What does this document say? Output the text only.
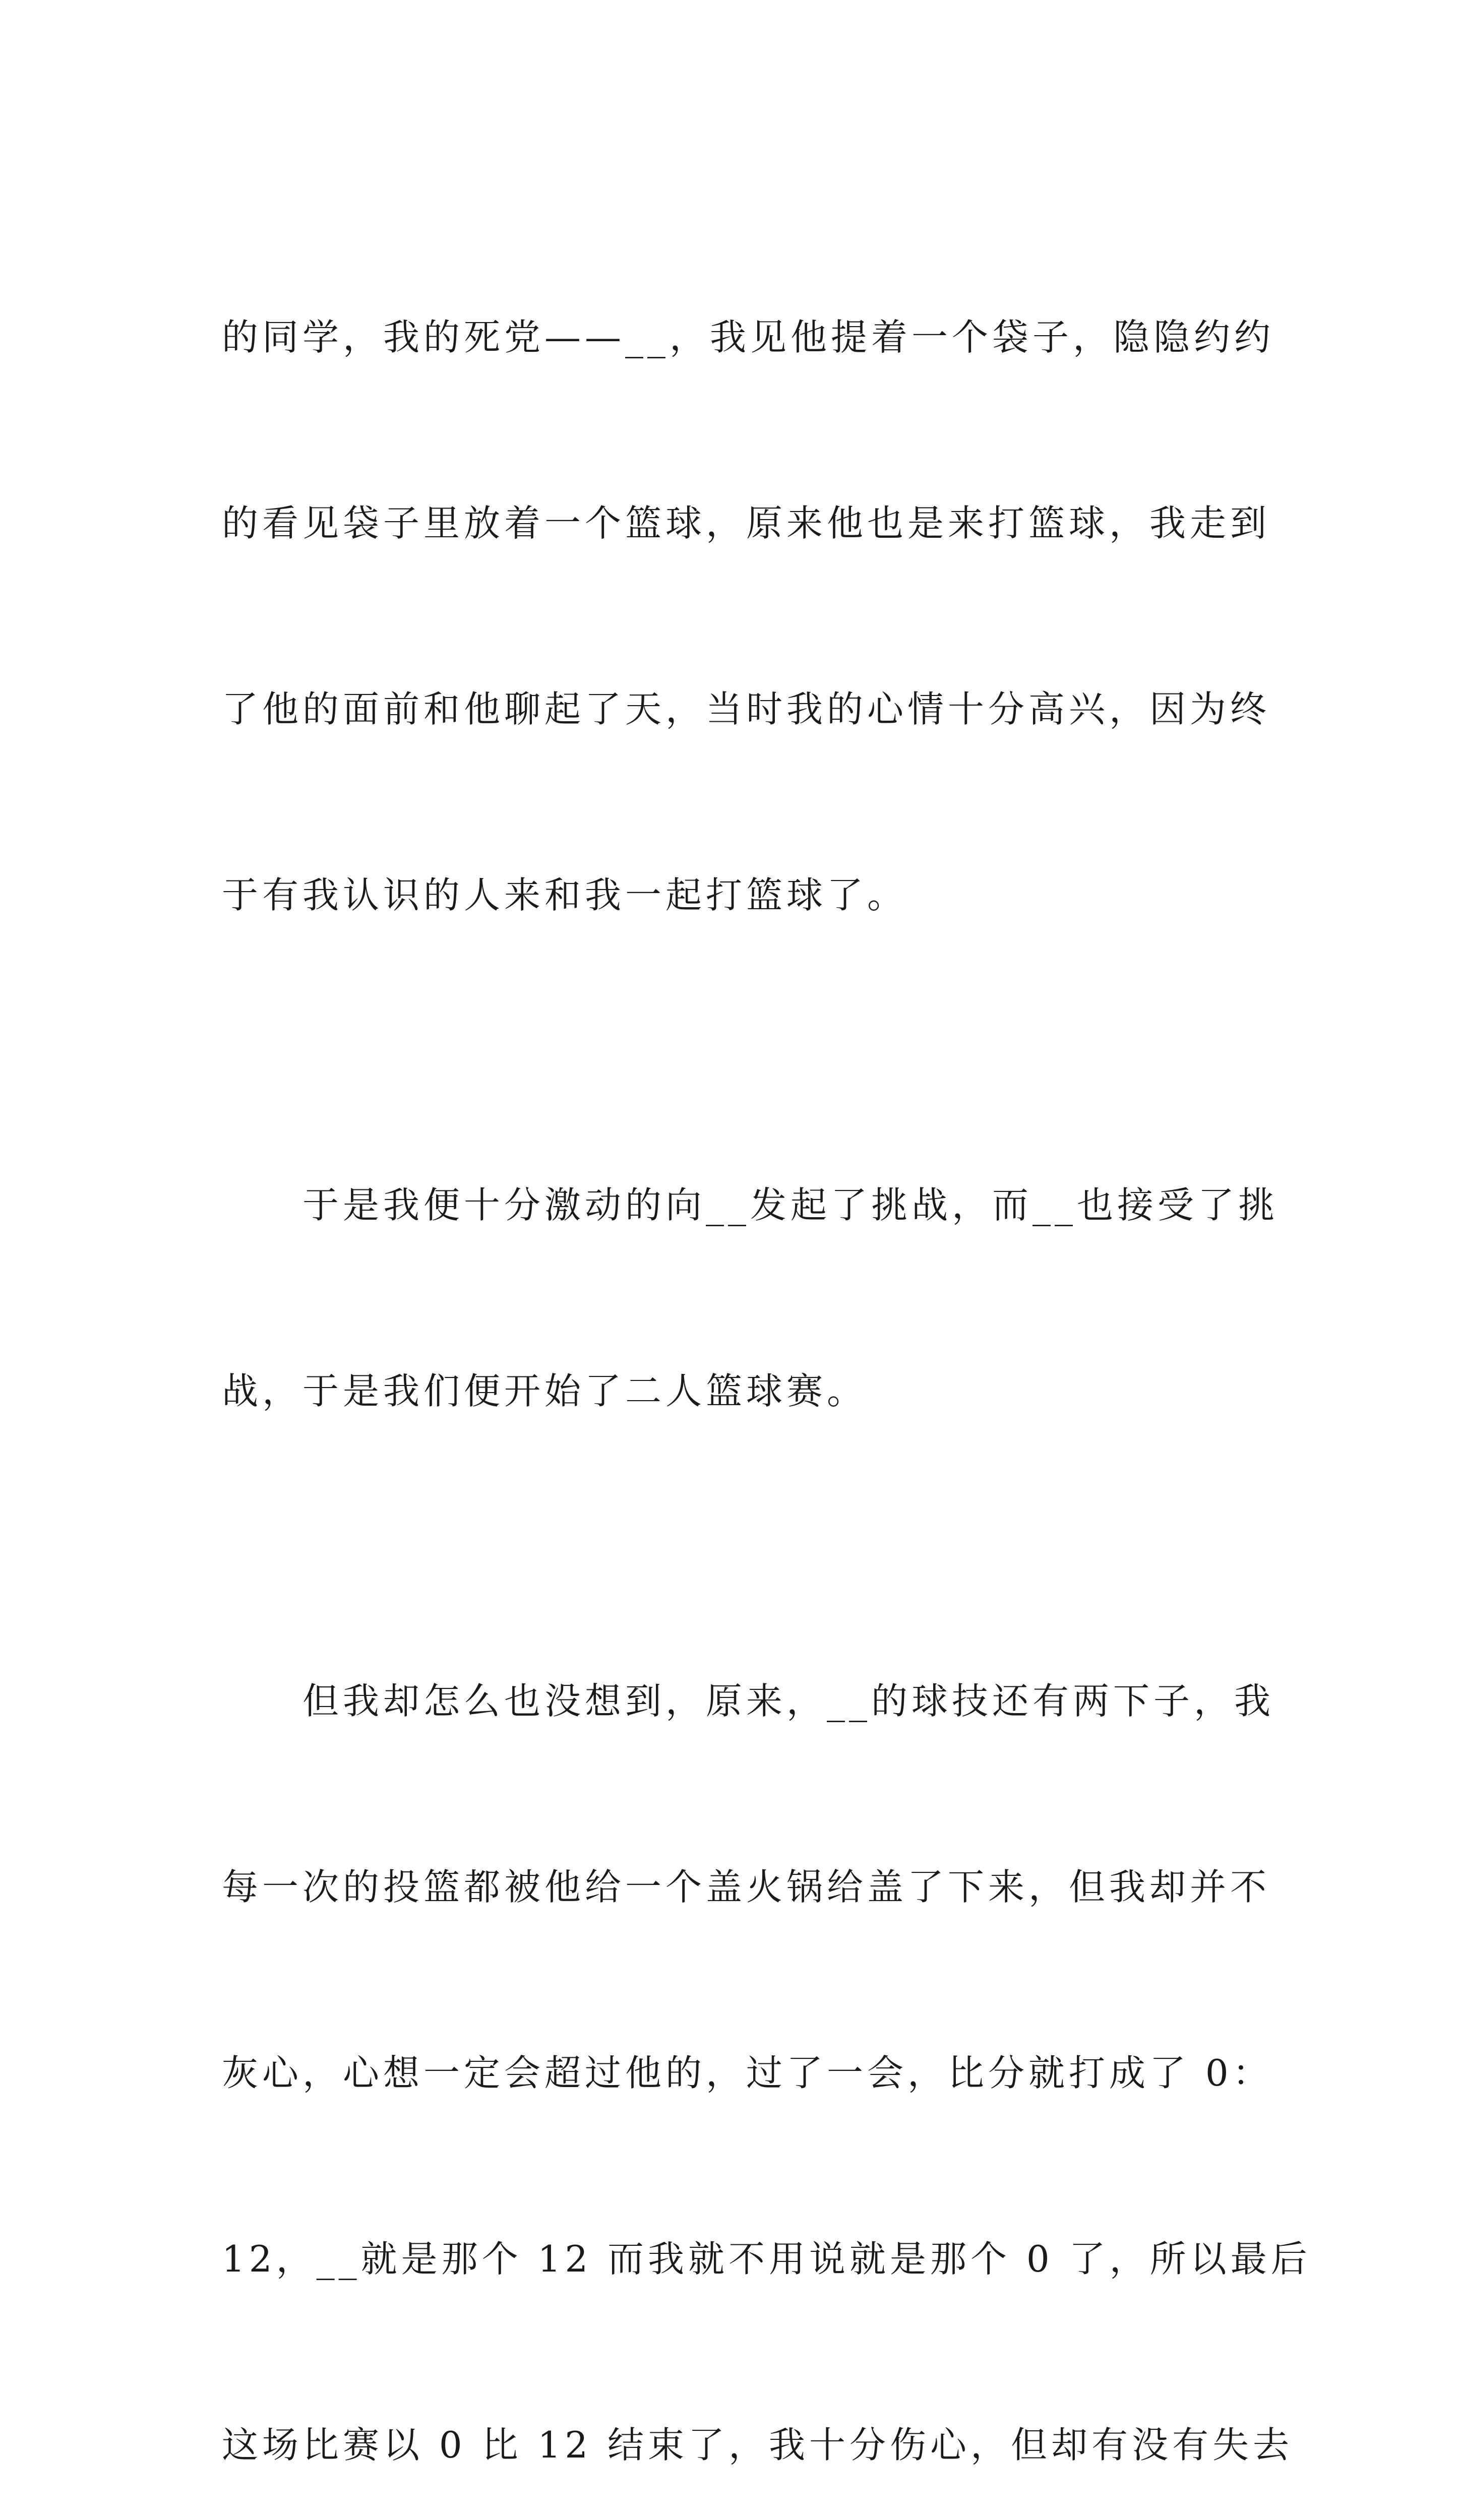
的同学，我的死党——__，我见他提着一个袋子，隐隐约约

的看见袋子里放着一个篮球，原来他也是来打篮球，我走到

了他的面前和他聊起了天，当时我的心情十分高兴，因为终

于有我认识的人来和我一起打篮球了。

　　于是我便十分激动的向__发起了挑战，而__也接受了挑

战，于是我们便开始了二人篮球赛。

　　但我却怎么也没想到，原来，__的球技还有两下子，我

每一次的投篮都被他给一个盖火锅给盖了下来，但我却并不

灰心，心想一定会超过他的，过了一会，比分就打成了 0：

12，__就是那个 12 而我就不用说就是那个 0 了，所以最后

这场比赛以 0 比 12 结束了，我十分伤心，但却有没有失去
